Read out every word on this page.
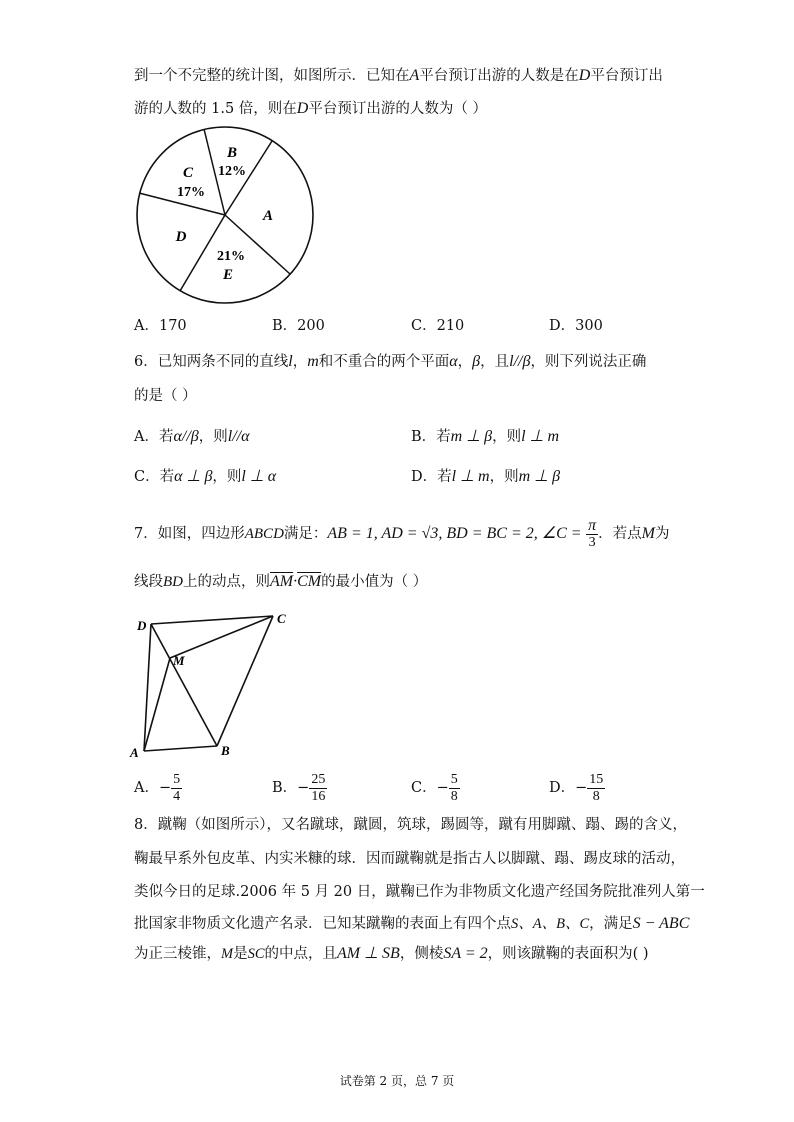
到一个不完整的统计图，如图所示．已知在A平台预订出游的人数是在D平台预订出
游的人数的 1.5 倍，则在D平台预订出游的人数为（ ）
B
12%
C
17%
A
D
21%
E
A．170	B．200	C．210	D．300
6．已知两条不同的直线l，m和不重合的两个平面α，β，且l//β，则下列说法正确
的是（ ）
A．若α//β，则l//α	B．若m ⊥ β，则l ⊥ m
C．若α ⊥ β，则l ⊥ α	D．若l ⊥ m，则m ⊥ β
7．如图，四边形ABCD满足：AB = 1, AD = √3, BD = BC = 2, ∠C = $\frac{\pi}{3}$ ．若点M为
线段BD上的动点，则$\overline{AM}\cdot\overline{CM}$的最小值为（ ）
D	C
M
A	B
A．− $\frac{5}{4}$	B．− $\frac{25}{16}$	C．− $\frac{5}{8}$	D．− $\frac{15}{8}$
8．蹴鞠（如图所示），又名蹴球，蹴圆，筑球，踢圆等，蹴有用脚蹴、蹋、踢的含义，
鞠最早系外包皮革、内实米糠的球．因而蹴鞠就是指古人以脚蹴、蹋、踢皮球的活动，
类似今日的足球.2006 年 5 月 20 日，蹴鞠已作为非物质文化遗产经国务院批准列人第一
批国家非物质文化遗产名录．已知某蹴鞠的表面上有四个点S、A、B、C，满足S − ABC
为正三棱锥，M是SC的中点，且AM ⊥ SB，侧棱SA = 2，则该蹴鞠的表面积为( )
试卷第 2 页，总 7 页
